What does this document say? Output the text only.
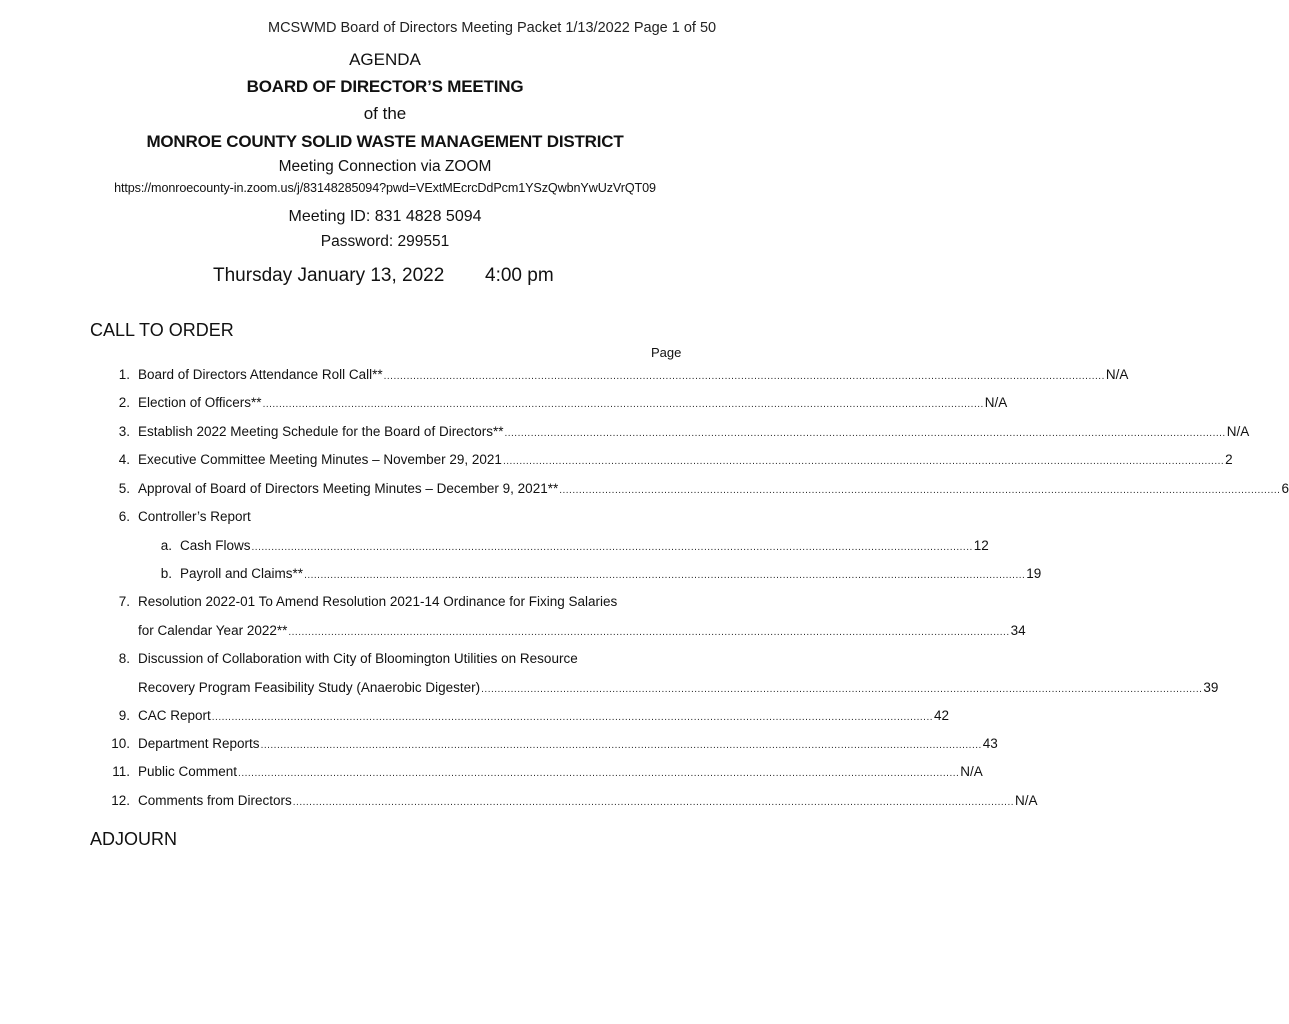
MCSWMD Board of Directors Meeting Packet 1/13/2022 Page 1 of 50
AGENDA
BOARD OF DIRECTOR’S MEETING
of the
MONROE COUNTY SOLID WASTE MANAGEMENT DISTRICT
Meeting Connection via ZOOM
https://monroecounty-in.zoom.us/j/83148285094?pwd=VExtMEcrcDdPcm1YSzQwbnYwUzVrQT09
Meeting ID: 831 4828 5094
Password: 299551
Thursday January 13, 2022 4:00 pm
CALL TO ORDER
Page
1. Board of Directors Attendance Roll Call** ............................................................................................................................................................................................................................ N/A
2. Election of Officers** ............................................................................................................................................................................................................................ N/A
3. Establish 2022 Meeting Schedule for the Board of Directors** ............................................................................................................................................................................................................................ N/A
4. Executive Committee Meeting Minutes – November 29, 2021 ............................................................................................................................................................................................................................ 2
5. Approval of Board of Directors Meeting Minutes – December 9, 2021** ............................................................................................................................................................................................................................ 6
6. Controller’s Report
a. Cash Flows ............................................................................................................................................................................................................................ 12
b. Payroll and Claims** ............................................................................................................................................................................................................................ 19
7. Resolution 2022-01 To Amend Resolution 2021-14 Ordinance for Fixing Salaries
for Calendar Year 2022** ............................................................................................................................................................................................................................ 34
8. Discussion of Collaboration with City of Bloomington Utilities on Resource
Recovery Program Feasibility Study (Anaerobic Digester) ............................................................................................................................................................................................................................ 39
9. CAC Report ............................................................................................................................................................................................................................ 42
10. Department Reports ............................................................................................................................................................................................................................ 43
11. Public Comment ............................................................................................................................................................................................................................ N/A
12. Comments from Directors ............................................................................................................................................................................................................................ N/A
ADJOURN
